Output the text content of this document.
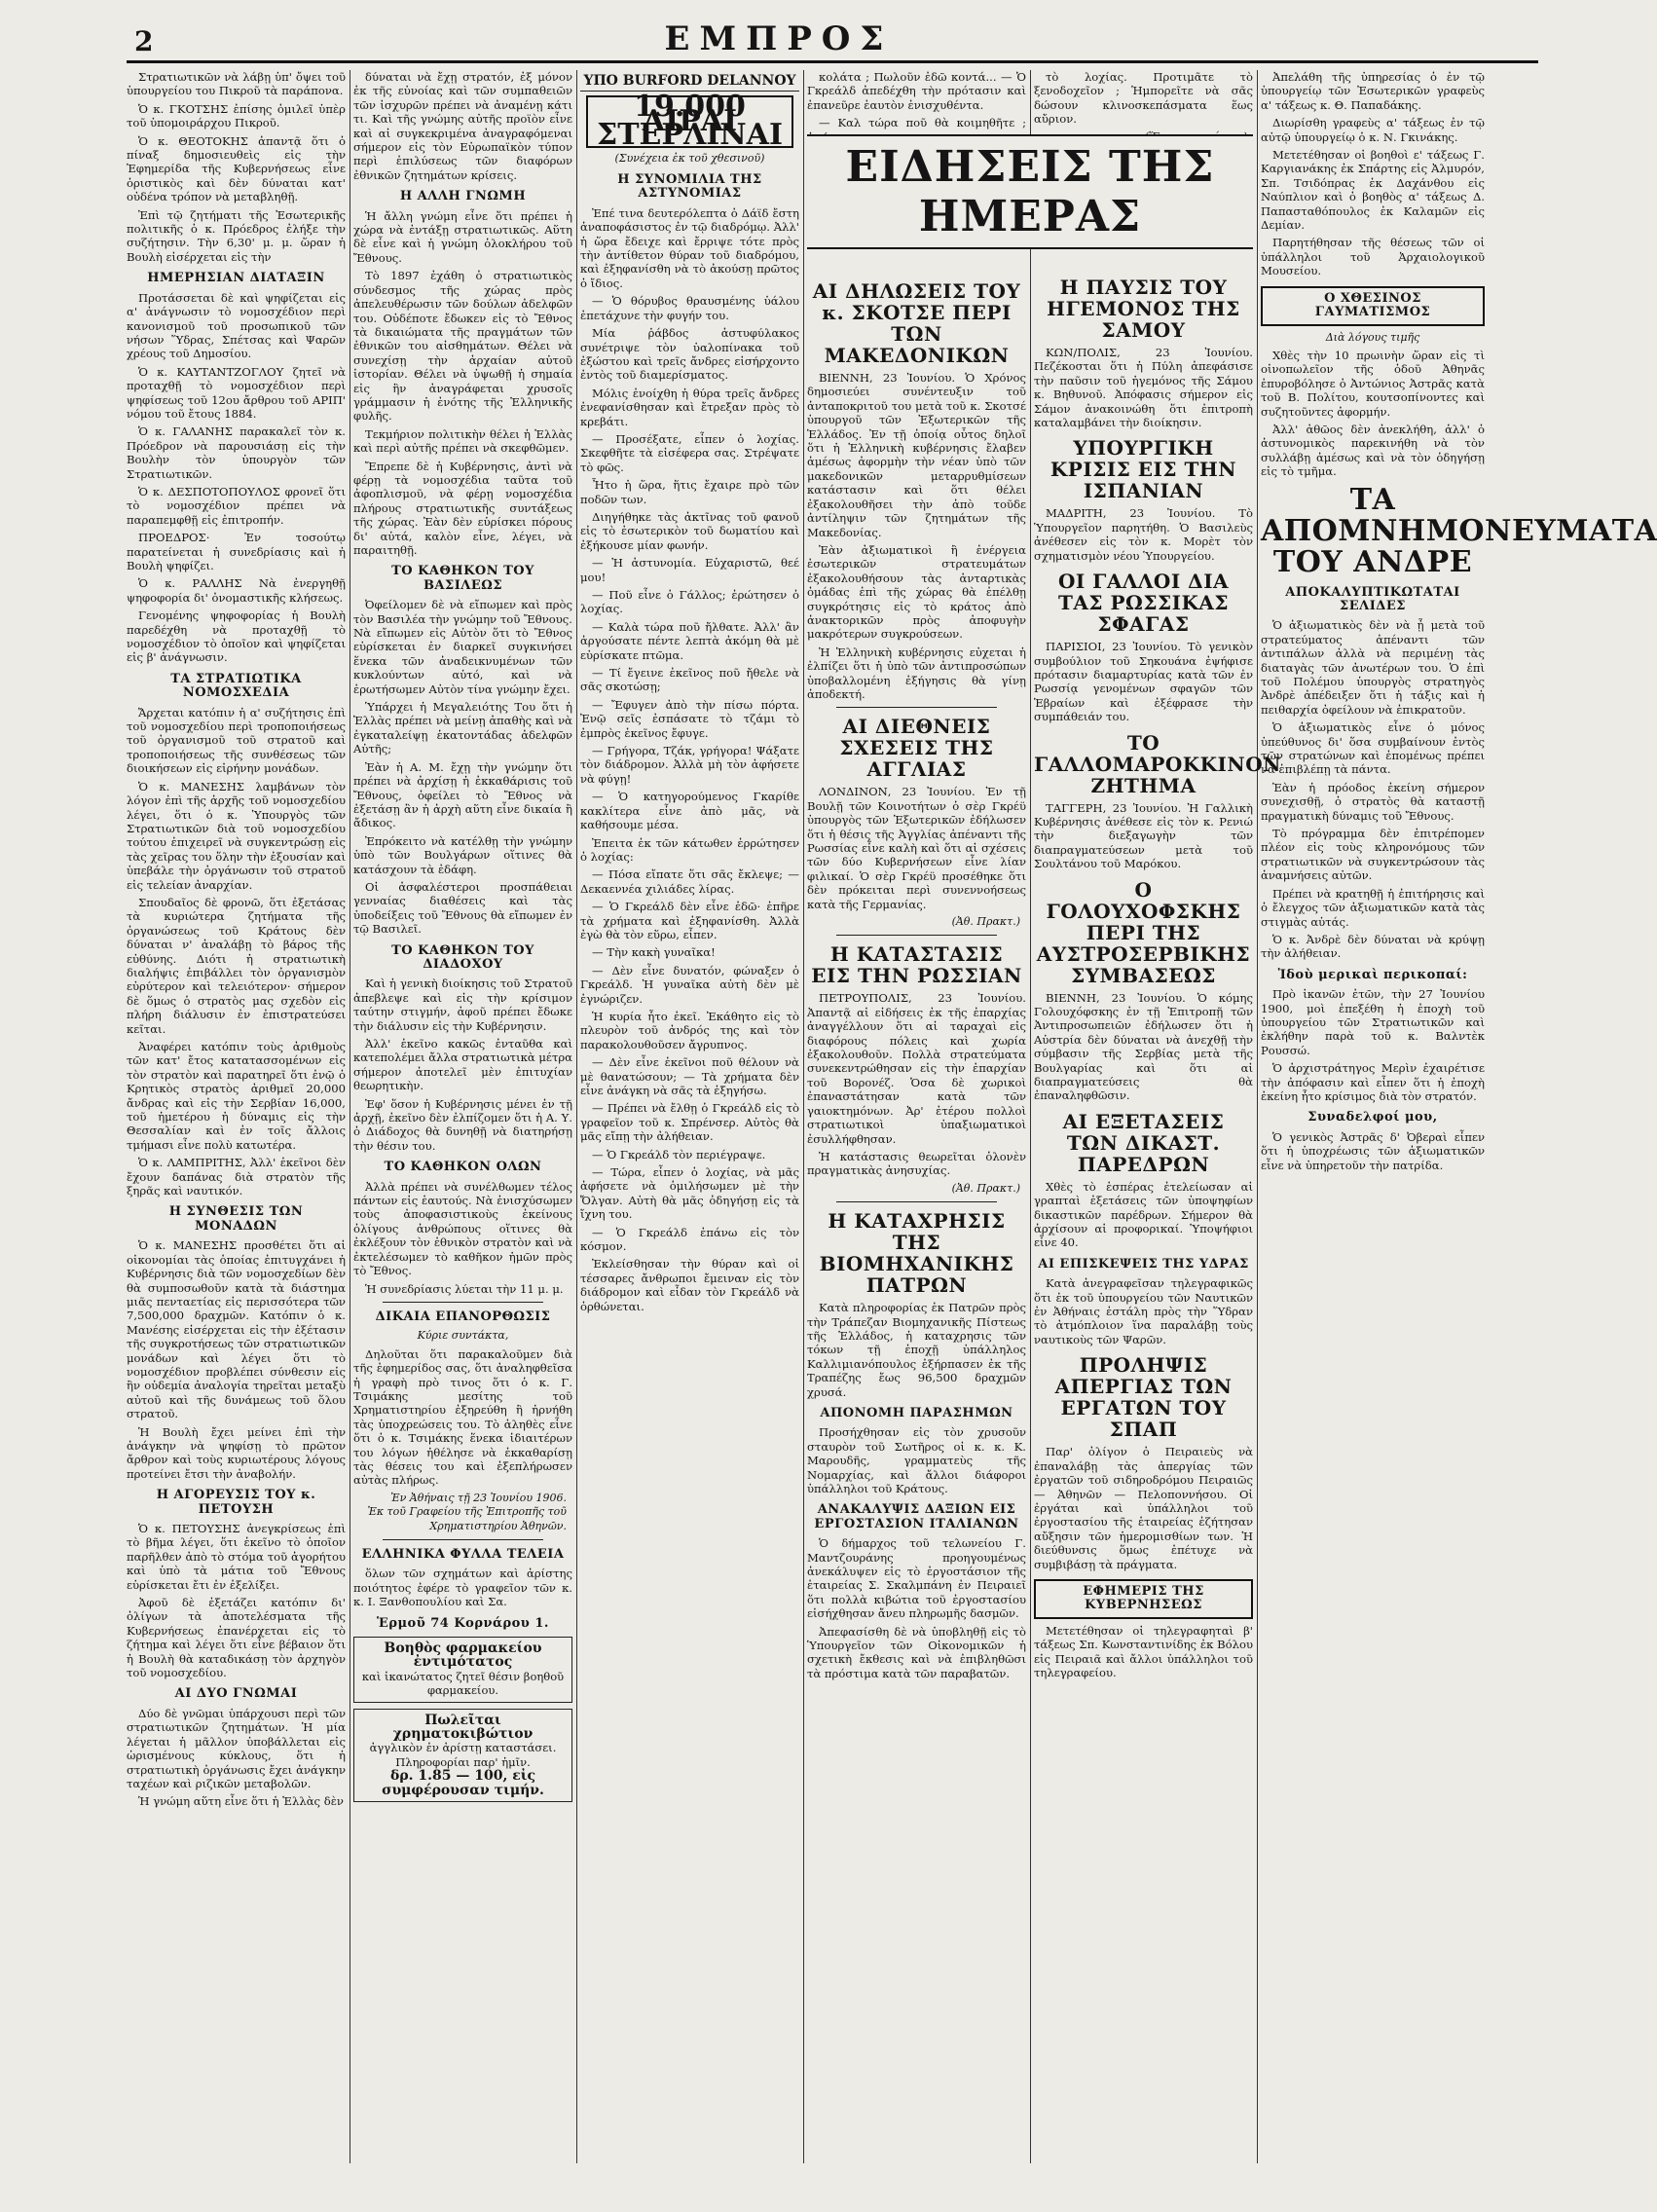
2	ΕΜΠΡΟΣ

Στρατιωτικῶν νὰ λάβῃ ὑπ' ὄψει τοῦ ὑπουργείου του Πικροῦ τὰ παράπονα.

Ὁ κ. ΓΚΟΤΣΗΣ ἐπίσης ὁμιλεῖ ὑπὲρ τοῦ ὑπομοιράρχου Πικροῦ.

Ὁ κ. ΘΕΟΤΟΚΗΣ ἀπαντᾷ ὅτι ὁ πίναξ δημοσιευθεὶς εἰς τὴν Ἐφημερίδα τῆς Κυβερνήσεως εἶνε ὁριστικὸς καὶ δὲν δύναται κατ' οὐδένα τρόπον νὰ μεταβληθῇ.

Ἐπὶ τῷ ζητήματι τῆς Ἐσωτερικῆς πολιτικῆς ὁ κ. Πρόεδρος ἐλήξε τὴν συζήτησιν. Τὴν 6,30' μ. μ. ὥραν ἡ Βουλὴ εἰσέρχεται εἰς τὴν

ΗΜΕΡΗΣΙΑΝ ΔΙΑΤΑΞΙΝ

Προτάσσεται δὲ καὶ ψηφίζεται εἰς α' ἀνάγνωσιν τὸ νομοσχέδιον περὶ κανονισμοῦ τοῦ προσωπικοῦ τῶν νήσων Ὕδρας, Σπέτσας καὶ Ψαρῶν χρέους τοῦ Δημοσίου.

Ὁ κ. ΚΑΥΤΑΝΤΖΟΓΛΟΥ ζητεῖ νὰ προταχθῇ τὸ νομοσχέδιον περὶ ψηφίσεως τοῦ 12ου ἄρθρου τοῦ ΑΡΙΠ' νόμου τοῦ ἔτους 1884.

Ὁ κ. ΓΑΛΑΝΗΣ παρακαλεῖ τὸν κ. Πρόεδρον νὰ παρουσιάσῃ εἰς τὴν Βουλὴν τὸν ὑπουργὸν τῶν Στρατιωτικῶν.

Ὁ κ. ΔΕΣΠΟΤΟΠΟΥΛΟΣ φρονεῖ ὅτι τὸ νομοσχέδιον πρέπει νὰ παραπεμφθῇ εἰς ἐπιτροπήν.

ΠΡΟΕΔΡΟΣ· Ἐν τοσούτῳ παρατείνεται ἡ συνεδρίασις καὶ ἡ Βουλὴ ψηφίζει.

Ὁ κ. ΡΑΛΛΗΣ Νὰ ἐνεργηθῇ ψηφοφορία δι' ὀνομαστικῆς κλήσεως.

Γενομένης ψηφοφορίας ἡ Βουλὴ παρεδέχθη νὰ προταχθῇ τὸ νομοσχέδιον τὸ ὁποῖον καὶ ψηφίζεται εἰς β' ἀνάγνωσιν.

ΤΑ ΣΤΡΑΤΙΩΤΙΚΑ ΝΟΜΟΣΧΕΔΙΑ

Ἄρχεται κατόπιν ἡ α' συζήτησις ἐπὶ τοῦ νομοσχεδίου περὶ τροποποιήσεως τοῦ ὀργανισμοῦ τοῦ στρατοῦ καὶ τροποποιήσεως τῆς συνθέσεως τῶν διοικήσεων εἰς εἰρήνην μονάδων.

Ὁ κ. ΜΑΝΕΣΗΣ λαμβάνων τὸν λόγον ἐπὶ τῆς ἀρχῆς τοῦ νομοσχεδίου λέγει, ὅτι ὁ κ. Ὑπουργὸς τῶν Στρατιωτικῶν διὰ τοῦ νομοσχεδίου τούτου ἐπιχειρεῖ νὰ συγκεντρώσῃ εἰς τὰς χεῖρας του ὅλην τὴν ἐξουσίαν καὶ ὑπεβάλε τὴν ὀργάνωσιν τοῦ στρατοῦ εἰς τελείαν ἀναρχίαν.

Σπουδαῖος δὲ φρονῶ, ὅτι ἐξετάσας τὰ κυριώτερα ζητήματα τῆς ὀργανώσεως τοῦ Κράτους δὲν δύναται ν' ἀναλάβῃ τὸ βάρος τῆς εὐθύνης. Διότι ἡ στρατιωτικὴ διαλήψις ἐπιβάλλει τὸν ὀργανισμὸν εὐρύτερον καὶ τελειότερον· σήμερον δὲ ὅμως ὁ στρατὸς μας σχεδὸν εἰς πλήρη διάλυσιν ἐν ἐπιστρατεύσει κεῖται.

Ἀναφέρει κατόπιν τοὺς ἀριθμοὺς τῶν κατ' ἔτος κατατασσομένων εἰς τὸν στρατὸν καὶ παρατηρεῖ ὅτι ἐνῷ ὁ Κρητικὸς στρατὸς ἀριθμεῖ 20,000 ἄνδρας καὶ εἰς τὴν Σερβίαν 16,000, τοῦ ἡμετέρου ἡ δύναμις εἰς τὴν Θεσσαλίαν καὶ ἐν τοῖς ἄλλοις τμήμασι εἶνε πολὺ κατωτέρα.

Ὁ κ. ΛΑΜΠΡΙΤΗΣ, Ἀλλ' ἐκεῖνοι δὲν ἔχουν δαπάνας διὰ στρατὸν τῆς ξηρᾶς καὶ ναυτικόν.

Η ΣΥΝΘΕΣΙΣ ΤΩΝ ΜΟΝΑΔΩΝ

Ὁ κ. ΜΑΝΕΣΗΣ προσθέτει ὅτι αἱ οἰκονομίαι τὰς ὁποίας ἐπιτυγχάνει ἡ Κυβέρνησις διὰ τῶν νομοσχεδίων δὲν θὰ συμποσωθοῦν κατὰ τὰ διάστημα μιᾶς πενταετίας εἰς περισσότερα τῶν 7,500,000 δραχμῶν. Κατόπιν ὁ κ. Μανέσης εἰσέρχεται εἰς τὴν ἐξέτασιν τῆς συγκροτήσεως τῶν στρατιωτικῶν μονάδων καὶ λέγει ὅτι τὸ νομοσχέδιον προβλέπει σύνθεσιν εἰς ἣν οὐδεμία ἀναλογία τηρεῖται μεταξὺ αὐτοῦ καὶ τῆς δυνάμεως τοῦ ὅλου στρατοῦ.

Ἡ Βουλὴ ἔχει μείνει ἑπὶ τὴν ἀνάγκην νὰ ψηφίσῃ τὸ πρῶτον ἄρθρον καὶ τοὺς κυριωτέρους λόγους προτείνει ἔτσι τὴν ἀναβολήν.

Η ΑΓΟΡΕΥΣΙΣ ΤΟΥ κ. ΠΕΤΟΥΣΗ

Ὁ κ. ΠΕΤΟΥΣΗΣ ἀνεγκρίσεως ἐπὶ τὸ βῆμα λέγει, ὅτι ἐκεῖνο τὸ ὁποῖον παρῆλθεν ἀπὸ τὸ στόμα τοῦ ἀγορήτου καὶ ὑπὸ τὰ μάτια τοῦ Ἔθνους εὑρίσκεται ἔτι ἐν ἐξελίξει.

Ἀφοῦ δὲ ἐξετάζει κατόπιν δι' ὀλίγων τὰ ἀποτελέσματα τῆς Κυβερνήσεως ἐπανέρχεται εἰς τὸ ζήτημα καὶ λέγει ὅτι εἶνε βέβαιον ὅτι ἡ Βουλὴ θὰ καταδικάσῃ τὸν ἀρχηγὸν τοῦ νομοσχεδίου.

ΑΙ ΔΥΟ ΓΝΩΜΑΙ

Δύο δὲ γνῶμαι ὑπάρχουσι περὶ τῶν στρατιωτικῶν ζητημάτων. Ἡ μία λέγεται ἡ μᾶλλον ὑποβάλλεται εἰς ὡρισμένους κύκλους, ὅτι ἡ στρατιωτικὴ ὀργάνωσις ἔχει ἀνάγκην ταχέων καὶ ριζικῶν μεταβολῶν.

Ἡ γνώμη αὕτη εἶνε ὅτι ἡ Ἑλλὰς δὲν

δύναται νὰ ἔχῃ στρατόν, ἐξ μόνον ἐκ τῆς εὐνοίας καὶ τῶν συμπαθειῶν τῶν ἰσχυρῶν πρέπει νὰ ἀναμένῃ κάτι τι. Καὶ τῆς γνώμης αὐτῆς προϊὸν εἶνε καὶ αἱ συγκεκριμένα ἀναγραφόμεναι σήμερον εἰς τὸν Εὐρωπαϊκὸν τύπον περὶ ἐπιλύσεως τῶν διαφόρων ἐθνικῶν ζητημάτων κρίσεις.

Η ΑΛΛΗ ΓΝΩΜΗ

Ἡ ἄλλη γνώμη εἶνε ὅτι πρέπει ἡ χώρα νὰ ἐντάξῃ στρατιωτικῶς. Αὕτη δὲ εἶνε καὶ ἡ γνώμη ὁλοκλήρου τοῦ Ἔθνους.

Τὸ 1897 ἐχάθη ὁ στρατιωτικὸς σύνδεσμος τῆς χώρας πρὸς ἀπελευθέρωσιν τῶν δούλων ἀδελφῶν του. Οὐδέποτε ἔδωκεν εἰς τὸ Ἔθνος τὰ δικαιώματα τῆς πραγμάτων τῶν ἐθνικῶν του αἰσθημάτων. Θέλει νὰ συνεχίσῃ τὴν ἀρχαίαν αὐτοῦ ἱστορίαν. Θέλει νὰ ὑψωθῇ ἡ σημαία εἰς ἣν ἀναγράφεται χρυσοῖς γράμμασιν ἡ ἐνότης τῆς Ἑλληνικῆς φυλῆς.

Τεκμήριον πολιτικὴν θέλει ἡ Ἑλλὰς καὶ περὶ αὐτῆς πρέπει νὰ σκεφθῶμεν.

Ἔπρεπε δὲ ἡ Κυβέρνησις, ἀντὶ νὰ φέρῃ τὰ νομοσχέδια ταῦτα τοῦ ἀφοπλισμοῦ, νὰ φέρῃ νομοσχέδια πλήρους στρατιωτικῆς συντάξεως τῆς χώρας. Ἐὰν δὲν εὑρίσκει πόρους δι' αὐτά, καλὸν εἶνε, λέγει, νὰ παραιτηθῇ.

ΤΟ ΚΑΘΗΚΟΝ ΤΟΥ ΒΑΣΙΛΕΩΣ

Ὀφείλομεν δὲ νὰ εἴπωμεν καὶ πρὸς τὸν Βασιλέα τὴν γνώμην τοῦ Ἔθνους. Νὰ εἴπωμεν εἰς Αὐτὸν ὅτι τὸ Ἔθνος εὑρίσκεται ἐν διαρκεῖ συγκινήσει ἕνεκα τῶν ἀναδεικνυμένων τῶν κυκλούντων αὐτό, καὶ νὰ ἐρωτήσωμεν Αὐτὸν τίνα γνώμην ἔχει.

Ὑπάρχει ἡ Μεγαλειότης Του ὅτι ἡ Ἑλλὰς πρέπει νὰ μείνῃ ἀπαθὴς καὶ νὰ ἐγκαταλείψῃ ἑκατοντάδας ἀδελφῶν Αὐτῆς;

Ἐὰν ἡ Α. Μ. ἔχῃ τὴν γνώμην ὅτι πρέπει νὰ ἀρχίσῃ ἡ ἐκκαθάρισις τοῦ Ἔθνους, ὀφείλει τὸ Ἔθνος νὰ ἐξετάσῃ ἂν ἡ ἀρχὴ αὕτη εἶνε δικαία ἢ ἄδικος.

Ἐπρόκειτο νὰ κατέλθῃ τὴν γνώμην ὑπὸ τῶν Βουλγάρων οἵτινες θὰ κατάσχουν τὰ ἐδάφη.

Οἱ ἀσφαλέστεροι προσπάθειαι γενναίας διαθέσεις καὶ τὰς ὑποδείξεις τοῦ Ἔθνους θὰ εἴπωμεν ἐν τῷ Βασιλεῖ.

ΤΟ ΚΑΘΗΚΟΝ ΤΟΥ ΔΙΑΔΟΧΟΥ

Καὶ ἡ γενικὴ διοίκησις τοῦ Στρατοῦ ἀπεβλεψε καὶ εἰς τὴν κρίσιμον ταύτην στιγμήν, ἀφοῦ πρέπει ἔδωκε τὴν διάλυσιν εἰς τὴν Κυβέρνησιν.

Ἀλλ' ἐκεῖνο κακῶς ἐνταῦθα καὶ κατεπολέμει ἄλλα στρατιωτικὰ μέτρα σήμερον ἀποτελεῖ μὲν ἐπιτυχίαν θεωρητικὴν.

Ἐφ' ὅσον ἡ Κυβέρνησις μένει ἐν τῇ ἀρχῇ, ἐκεῖνο δὲν ἐλπίζομεν ὅτι ἡ Α. Υ. ὁ Διάδοχος θὰ δυνηθῇ νὰ διατηρήσῃ τὴν θέσιν του.

ΤΟ ΚΑΘΗΚΟΝ ΟΛΩΝ

Ἀλλὰ πρέπει νὰ συνέλθωμεν τέλος πάντων εἰς ἑαυτούς. Νὰ ἐνισχύσωμεν τοὺς ἀποφασιστικοὺς ἐκείνους ὀλίγους ἀνθρώπους οἵτινες θὰ ἐκλέξουν τὸν ἐθνικὸν στρατὸν καὶ νὰ ἐκτελέσωμεν τὸ καθῆκον ἡμῶν πρὸς τὸ Ἔθνος.

Ἡ συνεδρίασις λύεται τὴν 11 μ. μ.

ΔΙΚΑΙΑ ΕΠΑΝΟΡΘΩΣΙΣ
Κύριε συντάκτα,

Δηλοῦται ὅτι παρακαλοῦμεν διὰ τῆς ἐφημερίδος σας, ὅτι ἀναληφθεῖσα ἡ γραφὴ πρὸ τινος ὅτι ὁ κ. Γ. Τσιμάκης μεσίτης τοῦ Χρηματιστηρίου ἐξηρεύθη ἢ ἠρνήθη τὰς ὑποχρεώσεις του. Τὸ ἀληθὲς εἶνε ὅτι ὁ κ. Τσιμάκης ἕνεκα ἰδιαιτέρων του λόγων ἠθέλησε νὰ ἐκκαθαρίσῃ τὰς θέσεις του καὶ ἐξεπλήρωσεν αὐτὰς πλήρως.

Ἐν Ἀθήναις τῇ 23 Ἰουνίου 1906.
Ἐκ τοῦ Γραφείου τῆς Ἐπιτροπῆς τοῦ Χρηματιστηρίου Ἀθηνῶν.
ΕΛΛΗΝΙΚΑ ΦΥΛΛΑ ΤΕΛΕΙΑ

ὅλων τῶν σχημάτων καὶ ἀρίστης ποιότητος ἐφέρε τὸ γραφεῖον τῶν κ. κ. Ι. Ξανθοπουλίου καὶ Σα.

Ἑρμοῦ 74 Κορνάρου 1.
Βοηθὸς φαρμακείου ἐντιμότατος
καὶ ἱκανώτατος ζητεῖ θέσιν βοηθοῦ φαρμακείου.
Πωλεῖται χρηματοκιβώτιον
ἀγγλικὸν ἐν ἀρίστῃ καταστάσει. Πληροφορίαι παρ' ἡμῖν.
δρ. 1.85 — 100, εἰς συμφέρουσαν τιμήν.
ΥΠΟ BURFORD DELANNOY
19.000 ΛΙΡΑΙ ΣΤΕΡΛΙΝΑΙ
(Συνέχεια ἐκ τοῦ χθεσινοῦ)
Η ΣΥΝΟΜΙΛΙΑ ΤΗΣ ΑΣΤΥΝΟΜΙΑΣ

Ἐπέ τινα δευτερόλεπτα ὁ Δάϊδ ἔστη ἀναποφάσιστος ἐν τῷ διαδρόμῳ. Ἀλλ' ἡ ὥρα ἔδειχε καὶ ἔρριψε τότε πρὸς τὴν ἀντίθετον θύραν τοῦ διαδρόμου, καὶ ἐξηφανίσθη νὰ τὸ ἀκούσῃ πρῶτος ὁ ἴδιος.

— Ὁ θόρυβος θραυσμένης ὑάλου ἐπετάχυνε τὴν φυγήν του.

Μία ῥάβδος ἀστυφύλακος συνέτριψε τὸν ὑαλοπίνακα τοῦ ἐξώστου καὶ τρεῖς ἄνδρες εἰσήρχοντο ἐντὸς τοῦ διαμερίσματος.

Μόλις ἐνοίχθη ἡ θύρα τρεῖς ἄνδρες ἐνεφανίσθησαν καὶ ἔτρεξαν πρὸς τὸ κρεβάτι.

— Προσέξατε, εἶπεν ὁ λοχίας. Σκεφθῆτε τὰ εἰσέφερα σας. Στρέψατε τὸ φῶς.

Ἦτο ἡ ὥρα, ἥτις ἔχαιρε πρὸ τῶν ποδῶν των.

Διηγήθηκε τὰς ἀκτῖνας τοῦ φανοῦ εἰς τὸ ἐσωτερικὸν τοῦ δωματίου καὶ ἐξήκουσε μίαν φωνήν.

— Ἡ ἀστυνομία. Εὐχαριστῶ, θεέ μου!

— Ποῦ εἶνε ὁ Γάλλος; ἐρώτησεν ὁ λοχίας.

— Καλὰ τώρα ποῦ ἤλθατε. Ἀλλ' ἂν ἀργούσατε πέντε λεπτὰ ἀκόμη θὰ μὲ εὑρίσκατε πτῶμα.

— Τί ἔγεινε ἐκεῖνος ποῦ ἤθελε νὰ σᾶς σκοτώσῃ;

— Ἔφυγεν ἀπὸ τὴν πίσω πόρτα. Ἐνῷ σεῖς ἐσπάσατε τὸ τζάμι τὸ ἐμπρὸς ἐκεῖνος ἔφυγε.

— Γρήγορα, Τζάκ, γρήγορα! Ψάξατε τὸν διάδρομον. Ἀλλὰ μὴ τὸν ἀφήσετε νὰ φύγῃ!

— Ὁ κατηγορούμενος Γκαρίθε κακλίτερα εἶνε ἀπὸ μᾶς, νὰ καθήσουμε μέσα.

Ἐπειτα ἐκ τῶν κάτωθεν ἐρρώτησεν ὁ λοχίας:

— Πόσα εἴπατε ὅτι σᾶς ἔκλεψε; — Δεκαεννέα χιλιάδες λίρας.

— Ὁ Γκρεάλδ δὲν εἶνε ἐδῶ· ἐπῆρε τὰ χρήματα καὶ ἐξηφανίσθη. Ἀλλὰ ἐγὼ θὰ τὸν εὕρω, εἶπεν.

— Τὴν κακὴ γυναῖκα!

— Δὲν εἶνε δυνατόν, φώναξεν ὁ Γκρεάλδ. Ἡ γυναῖκα αὐτὴ δὲν μὲ ἐγνώριζεν.

Ἡ κυρία ἦτο ἐκεῖ. Ἐκάθητο εἰς τὸ πλευρὸν τοῦ ἀνδρός της καὶ τὸν παρακολουθοῦσεν ἄγρυπνος.

— Δὲν εἶνε ἐκεῖνοι ποῦ θέλουν νὰ μὲ θανατώσουν; — Τὰ χρήματα δὲν εἶνε ἀνάγκη νὰ σᾶς τὰ ἐξηγήσω.

— Πρέπει νὰ ἔλθῃ ὁ Γκρεάλδ εἰς τὸ γραφεῖον τοῦ κ. Σπρένσερ. Αὐτὸς θὰ μᾶς εἴπῃ τὴν ἀλήθειαν.

— Ὁ Γκρεάλδ τὸν περιέγραψε.

— Τώρα, εἶπεν ὁ λοχίας, νὰ μᾶς ἀφήσετε νὰ ὁμιλήσωμεν μὲ τὴν Ὄλγαν. Αὐτὴ θὰ μᾶς ὁδηγήσῃ εἰς τὰ ἴχνη του.

— Ὁ Γκρεάλδ ἐπάνω εἰς τὸν κόσμον.

Ἐκλείσθησαν τὴν θύραν καὶ οἱ τέσσαρες ἄνθρωποι ἔμειναν εἰς τὸν διάδρομον καὶ εἶδαν τὸν Γκρεάλδ νὰ ὀρθώνεται.

κολάτα ; Πωλοῦν ἐδῶ κοντά... — Ὁ Γκρεάλδ ἀπεδέχθη τὴν πρότασιν καὶ ἐπανεῦρε ἑαυτὸν ἐνισχυθέντα.

— Καλ τώρα ποῦ θὰ κοιμηθῆτε ;

ΑΙ ΔΗΛΩΣΕΙΣ ΤΟΥ κ. ΣΚΟΤΣΕ ΠΕΡΙ ΤΩΝ ΜΑΚΕΔΟΝΙΚΩΝ

ΒΙΕΝΝΗ, 23 Ἰουνίου. Ὁ Χρόνος δημοσιεύει συνέντευξιν τοῦ ἀνταποκριτοῦ του μετὰ τοῦ κ. Σκοτσέ ὑπουργοῦ τῶν Ἐξωτερικῶν τῆς Ἑλλάδος. Ἐν τῇ ὁποίᾳ οὗτος δηλοῖ ὅτι ἡ Ἑλληνικὴ κυβέρνησις ἔλαβεν ἀμέσως ἀφορμὴν τὴν νέαν ὑπὸ τῶν μακεδονικῶν μεταρρυθμίσεων κατάστασιν καὶ ὅτι θέλει ἐξακολουθῆσει τὴν ἀπὸ τοῦδε ἀντίληψιν τῶν ζητημάτων τῆς Μακεδονίας.

Ἐὰν ἀξιωματικοὶ ἢ ἐνέργεια ἐσωτερικῶν στρατευμάτων ἐξακολουθήσουν τὰς ἀνταρτικὰς ὁμάδας ἐπὶ τῆς χώρας θὰ ἐπέλθῃ συγκρότησις εἰς τὸ κράτος ἀπὸ ἀνακτορικῶν πρὸς ἀποφυγὴν μακρότερων συγκρούσεων.

Ἡ Ἑλληνικὴ κυβέρνησις εὐχεται ἡ ἐλπίζει ὅτι ἡ ὑπὸ τῶν ἀντιπροσώπων ὑποβαλλομένη ἐξήγησις θὰ γίνῃ ἀποδεκτή.

ΑΙ ΔΙΕΘΝΕΙΣ ΣΧΕΣΕΙΣ ΤΗΣ ΑΓΓΛΙΑΣ

ΛΟΝΔΙΝΟΝ, 23 Ἰουνίου. Ἐν τῇ Βουλῇ τῶν Κοινοτήτων ὁ σὲρ Γκρέϋ ὑπουργὸς τῶν Ἐξωτερικῶν ἐδήλωσεν ὅτι ἡ θέσις τῆς Ἀγγλίας ἀπέναντι τῆς Ρωσσίας εἶνε καλὴ καὶ ὅτι αἱ σχέσεις τῶν δύο Κυβερνήσεων εἶνε λίαν φιλικαί. Ὁ σὲρ Γκρέϋ προσέθηκε ὅτι δὲν πρόκειται περὶ συνεννοήσεως κατὰ τῆς Γερμανίας.

(Ἀθ. Πρακτ.)
Η ΚΑΤΑΣΤΑΣΙΣ ΕΙΣ ΤΗΝ ΡΩΣΣΙΑΝ

ΠΕΤΡΟΥΠΟΛΙΣ, 23 Ἰουνίου. Ἀπαντᾷ αἱ εἰδήσεις ἐκ τῆς ἐπαρχίας ἀναγγέλλουν ὅτι αἱ ταραχαὶ εἰς διαφόρους πόλεις καὶ χωρία ἐξακολουθοῦν. Πολλὰ στρατεύματα συνεκεντρώθησαν εἰς τὴν ἐπαρχίαν τοῦ Βορονέζ. Ὁσα δὲ χωρικοὶ ἐπαναστάτησαν κατὰ τῶν γαιοκτημόνων. Ἀρ' ἐτέρου πολλοὶ στρατιωτικοὶ ὑπαξιωματικοὶ ἐσυλλήφθησαν.

Ἡ κατάστασις θεωρεῖται ὁλονὲν πραγματικὰς ἀνησυχίας.

(Ἀθ. Πρακτ.)
Η ΚΑΤΑΧΡΗΣΙΣ ΤΗΣ ΒΙΟΜΗΧΑΝΙΚΗΣ ΠΑΤΡΩΝ

Κατὰ πληροφορίας ἐκ Πατρῶν πρὸς τὴν Τράπεζαν Βιομηχανικῆς Πίστεως τῆς Ἑλλάδος, ἡ καταχρησις τῶν τόκων τῇ ἐποχῇ ὑπάλληλος Καλλιμιανόπουλος ἐξήρπασεν ἐκ τῆς Τραπέζης ἔως 96,500 δραχμῶν χρυσά.

ΑΠΟΝΟΜΗ ΠΑΡΑΣΗΜΩΝ

Προσήχθησαν εἰς τὸν χρυσοῦν σταυρὸν τοῦ Σωτῆρος οἱ κ. κ. Κ. Μαρουδῆς, γραμματεὺς τῆς Νομαρχίας, καὶ ἄλλοι διάφοροι ὑπάλληλοι τοῦ Κράτους.

ΑΝΑΚΑΛΥΨΙΣ ΔΑΞΙΩΝ ΕΙΣ ΕΡΓΟΣΤΑΣΙΟΝ ΙΤΑΛΙΑΝΩΝ

Ὁ δήμαρχος τοῦ τελωνείου Γ. Μαντζουράνης προηγουμένως ἀνεκάλυψεν εἰς τὸ ἐργοστάσιον τῆς ἑταιρείας Σ. Σκαλμπάνη ἐν Πειραιεῖ ὅτι πολλὰ κιβώτια τοῦ ἐργοστασίου εἰσήχθησαν ἄνευ πληρωμῆς δασμῶν.

Ἀπεφασίσθη δὲ νὰ ὑποβληθῇ εἰς τὸ Ὑπουργεῖον τῶν Οἰκονομικῶν ἡ σχετικὴ ἔκθεσις καὶ νὰ ἐπιβληθῶσι τὰ πρόστιμα κατὰ τῶν παραβατῶν.

τὸ λοχίας. Προτιμᾶτε τὸ ξενοδοχεῖον ; Ἡμπορεῖτε νὰ σᾶς δώσουν κλινοσκεπάσματα ἕως αὔριον.

Η ΠΑΥΣΙΣ ΤΟΥ ΗΓΕΜΟΝΟΣ ΤΗΣ ΣΑΜΟΥ

ΚΩΝ/ΠΟΛΙΣ, 23 Ἰουνίου. Πεζέκοσται ὅτι ἡ Πύλη ἀπεφάσισε τὴν παῦσιν τοῦ ἡγεμόνος τῆς Σάμου κ. Βηθυνοῦ. Ἀπόφασις σήμερον εἰς Σάμον ἀνακοινώθη ὅτι ἐπιτροπὴ καταλαμβάνει τὴν διοίκησιν.

ΥΠΟΥΡΓΙΚΗ ΚΡΙΣΙΣ ΕΙΣ ΤΗΝ ΙΣΠΑΝΙΑΝ

ΜΑΔΡΙΤΗ, 23 Ἰουνίου. Τὸ Ὑπουργεῖον παρητήθη. Ὁ Βασιλεὺς ἀνέθεσεν εἰς τὸν κ. Μορὲτ τὸν σχηματισμὸν νέου Ὑπουργείου.

ΟΙ ΓΑΛΛΟΙ ΔΙΑ ΤΑΣ ΡΩΣΣΙΚΑΣ ΣΦΑΓΑΣ

ΠΑΡΙΣΙΟΙ, 23 Ἰουνίου. Τὸ γενικὸν συμβούλιον τοῦ Σηκουάνα ἐψήφισε πρότασιν διαμαρτυρίας κατὰ τῶν ἐν Ρωσσίᾳ γενομένων σφαγῶν τῶν Ἑβραίων καὶ ἐξέφρασε τὴν συμπάθειάν του.

ΤΟ ΓΑΛΛΟΜΑΡΟΚΚΙΝΟΝ ΖΗΤΗΜΑ

ΤΑΓΓΕΡΗ, 23 Ἰουνίου. Ἡ Γαλλικὴ Κυβέρνησις ἀνέθεσε εἰς τὸν κ. Ρενιώ τὴν διεξαγωγὴν τῶν διαπραγματεύσεων μετὰ τοῦ Σουλτάνου τοῦ Μαρόκου.

Ο ΓΟΛΟΥΧΟΦΣΚΗΣ ΠΕΡΙ ΤΗΣ ΑΥΣΤΡΟΣΕΡΒΙΚΗΣ ΣΥΜΒΑΣΕΩΣ

ΒΙΕΝΝΗ, 23 Ἰουνίου. Ὁ κόμης Γολουχόφσκης ἐν τῇ Ἐπιτροπῇ τῶν Ἀντιπροσωπειῶν ἐδήλωσεν ὅτι ἡ Αὐστρία δὲν δύναται νὰ ἀνεχθῇ τὴν σύμβασιν τῆς Σερβίας μετὰ τῆς Βουλγαρίας καὶ ὅτι αἱ διαπραγματεύσεις θὰ ἐπαναληφθῶσιν.

ΑΙ ΕΞΕΤΑΣΕΙΣ ΤΩΝ ΔΙΚΑΣΤ. ΠΑΡΕΔΡΩΝ

Χθὲς τὸ ἑσπέρας ἐτελείωσαν αἱ γραπταὶ ἐξετάσεις τῶν ὑποψηφίων δικαστικῶν παρέδρων. Σήμερον θὰ ἀρχίσουν αἱ προφορικαί. Ὑποψήφιοι εἶνε 40.

ΑΙ ΕΠΙΣΚΕΨΕΙΣ ΤΗΣ ΥΔΡΑΣ

Κατὰ ἀνεγραφεῖσαν τηλεγραφικῶς ὅτι ἐκ τοῦ ὑπουργείου τῶν Ναυτικῶν ἐν Ἀθήναις ἐστάλη πρὸς τὴν Ὕδραν τὸ ἀτμόπλοιον ἵνα παραλάβῃ τοὺς ναυτικοὺς τῶν Ψαρῶν.

ΠΡΟΛΗΨΙΣ ΑΠΕΡΓΙΑΣ ΤΩΝ ΕΡΓΑΤΩΝ ΤΟΥ ΣΠΑΠ

Παρ' ὀλίγον ὁ Πειραιεὺς νὰ ἐπαναλάβῃ τὰς ἀπεργίας τῶν ἐργατῶν τοῦ σιδηροδρόμου Πειραιῶς — Ἀθηνῶν — Πελοποννήσου. Οἱ ἐργάται καὶ ὑπάλληλοι τοῦ ἐργοστασίου τῆς ἑταιρείας ἐζήτησαν αὔξησιν τῶν ἡμερομισθίων των. Ἡ διεύθυνσις ὅμως ἐπέτυχε νὰ συμβιβάσῃ τὰ πράγματα.

ΕΦΗΜΕΡΙΣ ΤΗΣ ΚΥΒΕΡΝΗΣΕΩΣ

Μετετέθησαν οἱ τηλεγραφηταὶ β' τάξεως Σπ. Κωνσταντινίδης ἐκ Βόλου εἰς Πειραιᾶ καὶ ἄλλοι ὑπάλληλοι τοῦ τηλεγραφείου.

Ἀπελάθη τῆς ὑπηρεσίας ὁ ἐν τῷ ὑπουργείῳ τῶν Ἐσωτερικῶν γραφεὺς α' τάξεως κ. Θ. Παπαδάκης.

Διωρίσθη γραφεὺς α' τάξεως ἐν τῷ αὐτῷ ὑπουργείῳ ὁ κ. Ν. Γκινάκης.

Μετετέθησαν οἱ βοηθοὶ ε' τάξεως Γ. Καργιανάκης ἐκ Σπάρτης εἰς Ἀλμυρόν, Σπ. Τσιδόπρας ἐκ Δαχάνθου εἰς Ναύπλιον καὶ ὁ βοηθὸς α' τάξεως Δ. Παπασταθόπουλος ἐκ Καλαμῶν εἰς Δεμίαν.

Παρητήθησαν τῆς θέσεως τῶν οἱ ὑπάλληλοι τοῦ Ἀρχαιολογικοῦ Μουσείου.

Ο ΧΘΕΣΙΝΟΣ ΓΑΥΜΑΤΙΣΜΟΣ
Διὰ λόγους τιμῆς

Χθὲς τὴν 10 πρωινὴν ὥραν εἰς τὶ οἰνοπωλεῖον τῆς ὁδοῦ Ἀθηνᾶς ἐπυροβόλησε ὁ Ἀντώνιος Ἀστρᾶς κατὰ τοῦ Β. Πολίτου, κουτσοπίνοντες καὶ συζητοῦντες ἀφορμήν.

Ἀλλ' ἀθῶος δὲν ἀνεκλήθη, ἀλλ' ὁ ἀστυνομικὸς παρεκινήθη νὰ τὸν συλλάβῃ ἀμέσως καὶ νὰ τὸν ὁδηγήσῃ εἰς τὸ τμῆμα.

ΤΑ ΑΠΟΜΝΗΜΟΝΕΥΜΑΤΑ ΤΟΥ ΑΝΔΡΕ
ΑΠΟΚΑΛΥΠΤΙΚΩΤΑΤΑΙ ΣΕΛΙΔΕΣ

Ὁ ἀξιωματικὸς δὲν νὰ ᾖ μετὰ τοῦ στρατεύματος ἀπέναντι τῶν ἀντιπάλων ἀλλὰ νὰ περιμένῃ τὰς διαταγὰς τῶν ἀνωτέρων του. Ὁ ἐπὶ τοῦ Πολέμου ὑπουργὸς στρατηγὸς Ἀνδρὲ ἀπέδειξεν ὅτι ἡ τάξις καὶ ἡ πειθαρχία ὀφείλουν νὰ ἐπικρατοῦν.

Ὁ ἀξιωματικὸς εἶνε ὁ μόνος ὑπεύθυνος δι' ὅσα συμβαίνουν ἐντὸς τῶν στρατώνων καὶ ἐπομένως πρέπει νὰ ἐπιβλέπῃ τὰ πάντα.

Ἐὰν ἡ πρόοδος ἐκείνη σήμερον συνεχισθῇ, ὁ στρατὸς θὰ καταστῇ πραγματικὴ δύναμις τοῦ Ἔθνους.

Τὸ πρόγραμμα δὲν ἐπιτρέπομεν πλέον εἰς τοὺς κληρονόμους τῶν στρατιωτικῶν νὰ συγκεντρώσουν τὰς ἀναμνήσεις αὐτῶν.

Πρέπει νὰ κρατηθῇ ἡ ἐπιτήρησις καὶ ὁ ἔλεγχος τῶν ἀξιωματικῶν κατὰ τὰς στιγμὰς αὐτάς.

Ὁ κ. Ἀνδρὲ δὲν δύναται νὰ κρύψῃ τὴν ἀλήθειαν.

Ἰδοὺ μερικαὶ περικοπαί:

Πρὸ ἱκανῶν ἐτῶν, τὴν 27 Ἰουνίου 1900, μοὶ ἐπεξέθη ἡ ἐποχὴ τοῦ ὑπουργείου τῶν Στρατιωτικῶν καὶ ἐκλήθην παρὰ τοῦ κ. Βαλντὲκ Ρουσσώ.

Ὁ ἀρχιστράτηγος Μερὶν ἐχαιρέτισε τὴν ἀπόφασιν καὶ εἶπεν ὅτι ἡ ἐποχὴ ἐκείνη ἦτο κρίσιμος διὰ τὸν στρατόν.

Συναδελφοί μου,

Ὁ γενικὸς Ἀστρᾶς δ' Ὀβεραὶ εἶπεν ὅτι ἡ ὑποχρέωσις τῶν ἀξιωματικῶν εἶνε νὰ ὑπηρετοῦν τὴν πατρίδα.

ΕΙΔΗΣΕΙΣ ΤΗΣ ΗΜΕΡΑΣ
